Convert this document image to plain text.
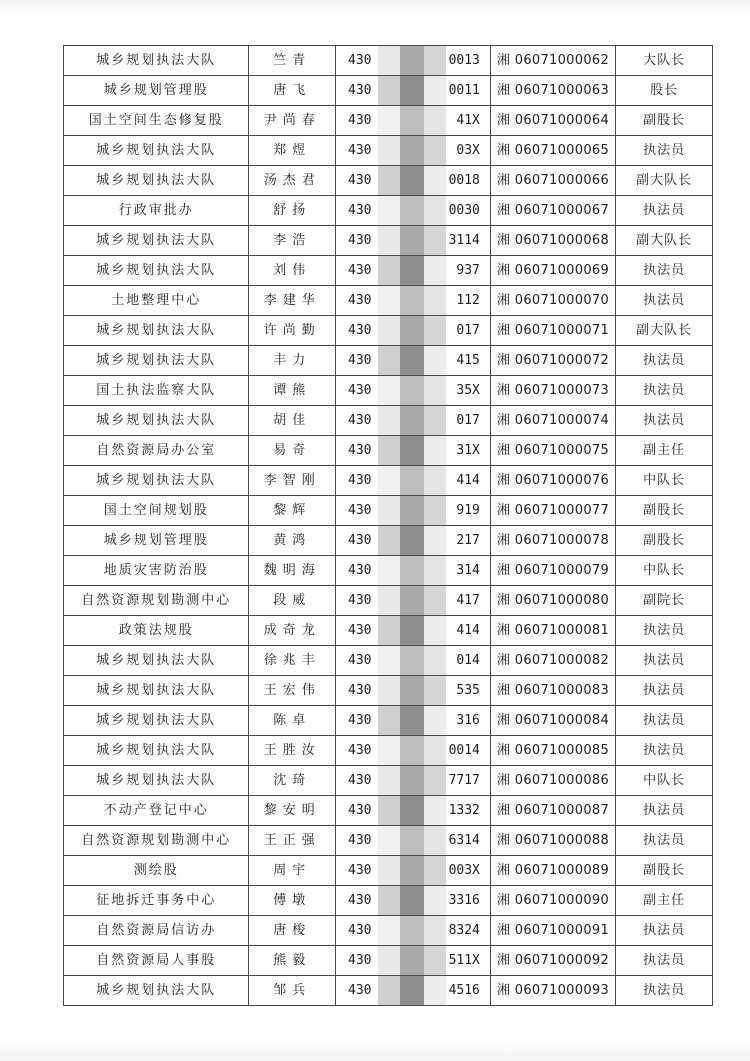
城乡规划执法大队	竺青	430 0013	湘 06071000062	大队长
城乡规划管理股	唐飞	430 0011	湘 06071000063	股长
国土空间生态修复股	尹尚春	430 41X	湘 06071000064	副股长
城乡规划执法大队	郑煜	430 03X	湘 06071000065	执法员
城乡规划执法大队	汤杰君	430 0018	湘 06071000066	副大队长
行政审批办	舒扬	430 0030	湘 06071000067	执法员
城乡规划执法大队	李浩	430 3114	湘 06071000068	副大队长
城乡规划执法大队	刘伟	430 937	湘 06071000069	执法员
土地整理中心	李建华	430 112	湘 06071000070	执法员
城乡规划执法大队	许尚勤	430 017	湘 06071000071	副大队长
城乡规划执法大队	丰力	430 415	湘 06071000072	执法员
国土执法监察大队	谭熊	430 35X	湘 06071000073	执法员
城乡规划执法大队	胡佳	430 017	湘 06071000074	执法员
自然资源局办公室	易奇	430 31X	湘 06071000075	副主任
城乡规划执法大队	李智刚	430 414	湘 06071000076	中队长
国土空间规划股	黎辉	430 919	湘 06071000077	副股长
城乡规划管理股	黄鸿	430 217	湘 06071000078	副股长
地质灾害防治股	魏明海	430 314	湘 06071000079	中队长
自然资源规划勘测中心	段威	430 417	湘 06071000080	副院长
政策法规股	成奇龙	430 414	湘 06071000081	执法员
城乡规划执法大队	徐兆丰	430 014	湘 06071000082	执法员
城乡规划执法大队	王宏伟	430 535	湘 06071000083	执法员
城乡规划执法大队	陈卓	430 316	湘 06071000084	执法员
城乡规划执法大队	王胜汝	430 0014	湘 06071000085	执法员
城乡规划执法大队	沈琦	430 7717	湘 06071000086	中队长
不动产登记中心	黎安明	430 1332	湘 06071000087	执法员
自然资源规划勘测中心	王正强	430 6314	湘 06071000088	执法员
测绘股	周宇	430 003X	湘 06071000089	副股长
征地拆迁事务中心	傅墩	430 3316	湘 06071000090	副主任
自然资源局信访办	唐梭	430 8324	湘 06071000091	执法员
自然资源局人事股	熊毅	430 511X	湘 06071000092	执法员
城乡规划执法大队	邹兵	430 4516	湘 06071000093	执法员
